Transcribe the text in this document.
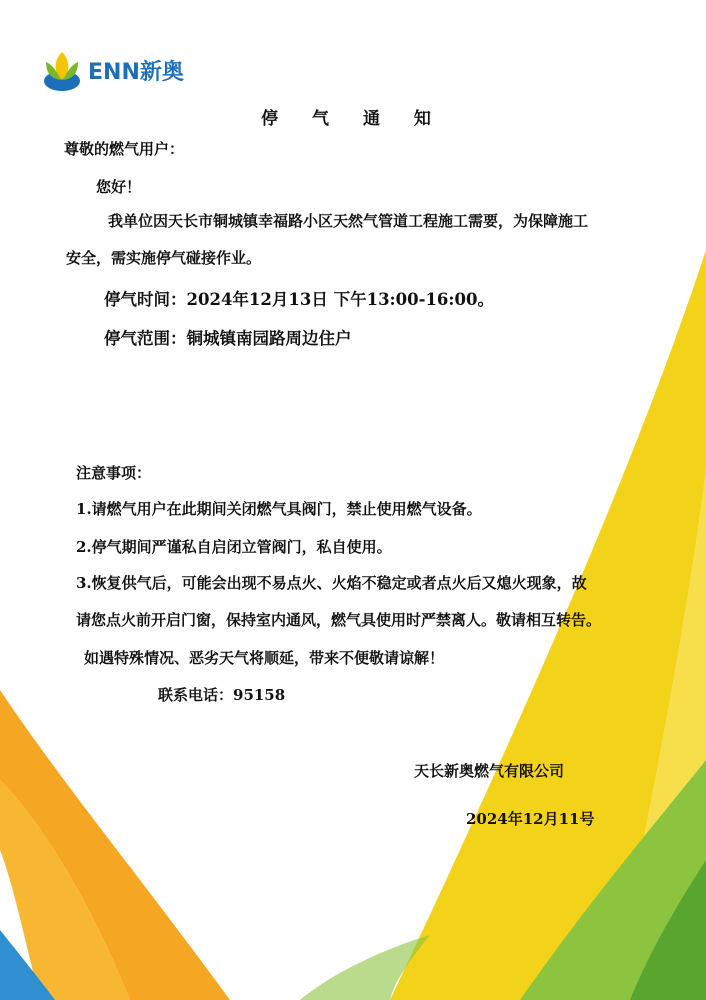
ENN新奥
停 气 通 知
尊敬的燃气用户：
您好！
我单位因天长市铜城镇幸福路小区天然气管道工程施工需要，为保障施工
安全，需实施停气碰接作业。
停气时间：2024年12月13日 下午13:00-16:00。
停气范围：铜城镇南园路周边住户
注意事项：
1.请燃气用户在此期间关闭燃气具阀门，禁止使用燃气设备。
2.停气期间严谨私自启闭立管阀门，私自使用。
3.恢复供气后，可能会出现不易点火、火焰不稳定或者点火后又熄火现象，故
请您点火前开启门窗，保持室内通风，燃气具使用时严禁离人。敬请相互转告。
如遇特殊情况、恶劣天气将顺延，带来不便敬请谅解！
联系电话：95158
天长新奥燃气有限公司
2024年12月11号
